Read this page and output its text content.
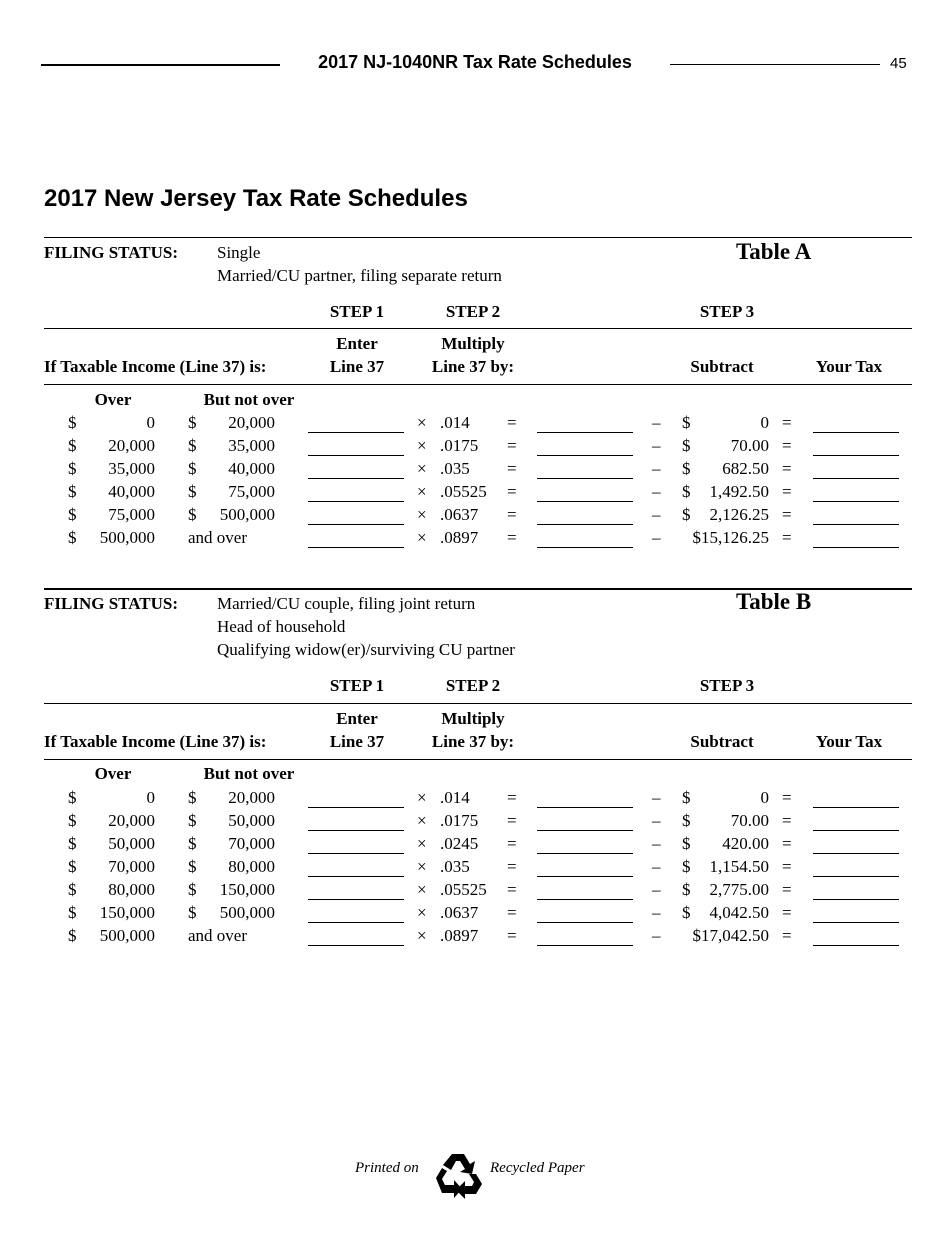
2017 NJ-1040NR Tax Rate Schedules	45
2017 New Jersey Tax Rate Schedules
FILING STATUS: Single
Married/CU partner, filing separate return
Table A
STEP 1	STEP 2	STEP 3
Enter	Multiply
If Taxable Income (Line 37) is:	Line 37	Line 37 by:	Subtract	Your Tax
Over	But not over
$	0 $	20,000	× .014 =	– $	0 =
$	20,000 $	35,000	× .0175 =	– $	70.00 =
$	35,000 $	40,000	× .035 =	– $	682.50 =
$	40,000 $	75,000	× .05525 =	– $	1,492.50 =
$	75,000 $	500,000	× .0637 =	– $	2,126.25 =
$	500,000 and over	× .0897 =	–	$15,126.25 =
FILING STATUS: Married/CU couple, filing joint return
Head of household
Qualifying widow(er)/surviving CU partner
Table B
STEP 1	STEP 2	STEP 3
Enter	Multiply
If Taxable Income (Line 37) is:	Line 37	Line 37 by:	Subtract	Your Tax
Over	But not over
$	0 $	20,000	× .014 =	– $	0 =
$	20,000 $	50,000	× .0175 =	– $	70.00 =
$	50,000 $	70,000	× .0245 =	– $	420.00 =
$	70,000 $	80,000	× .035 =	– $	1,154.50 =
$	80,000 $	150,000	× .05525 =	– $	2,775.00 =
$	150,000 $	500,000	× .0637 =	– $	4,042.50 =
$	500,000 and over	× .0897 =	–	$17,042.50 =
Printed on	Recycled Paper
